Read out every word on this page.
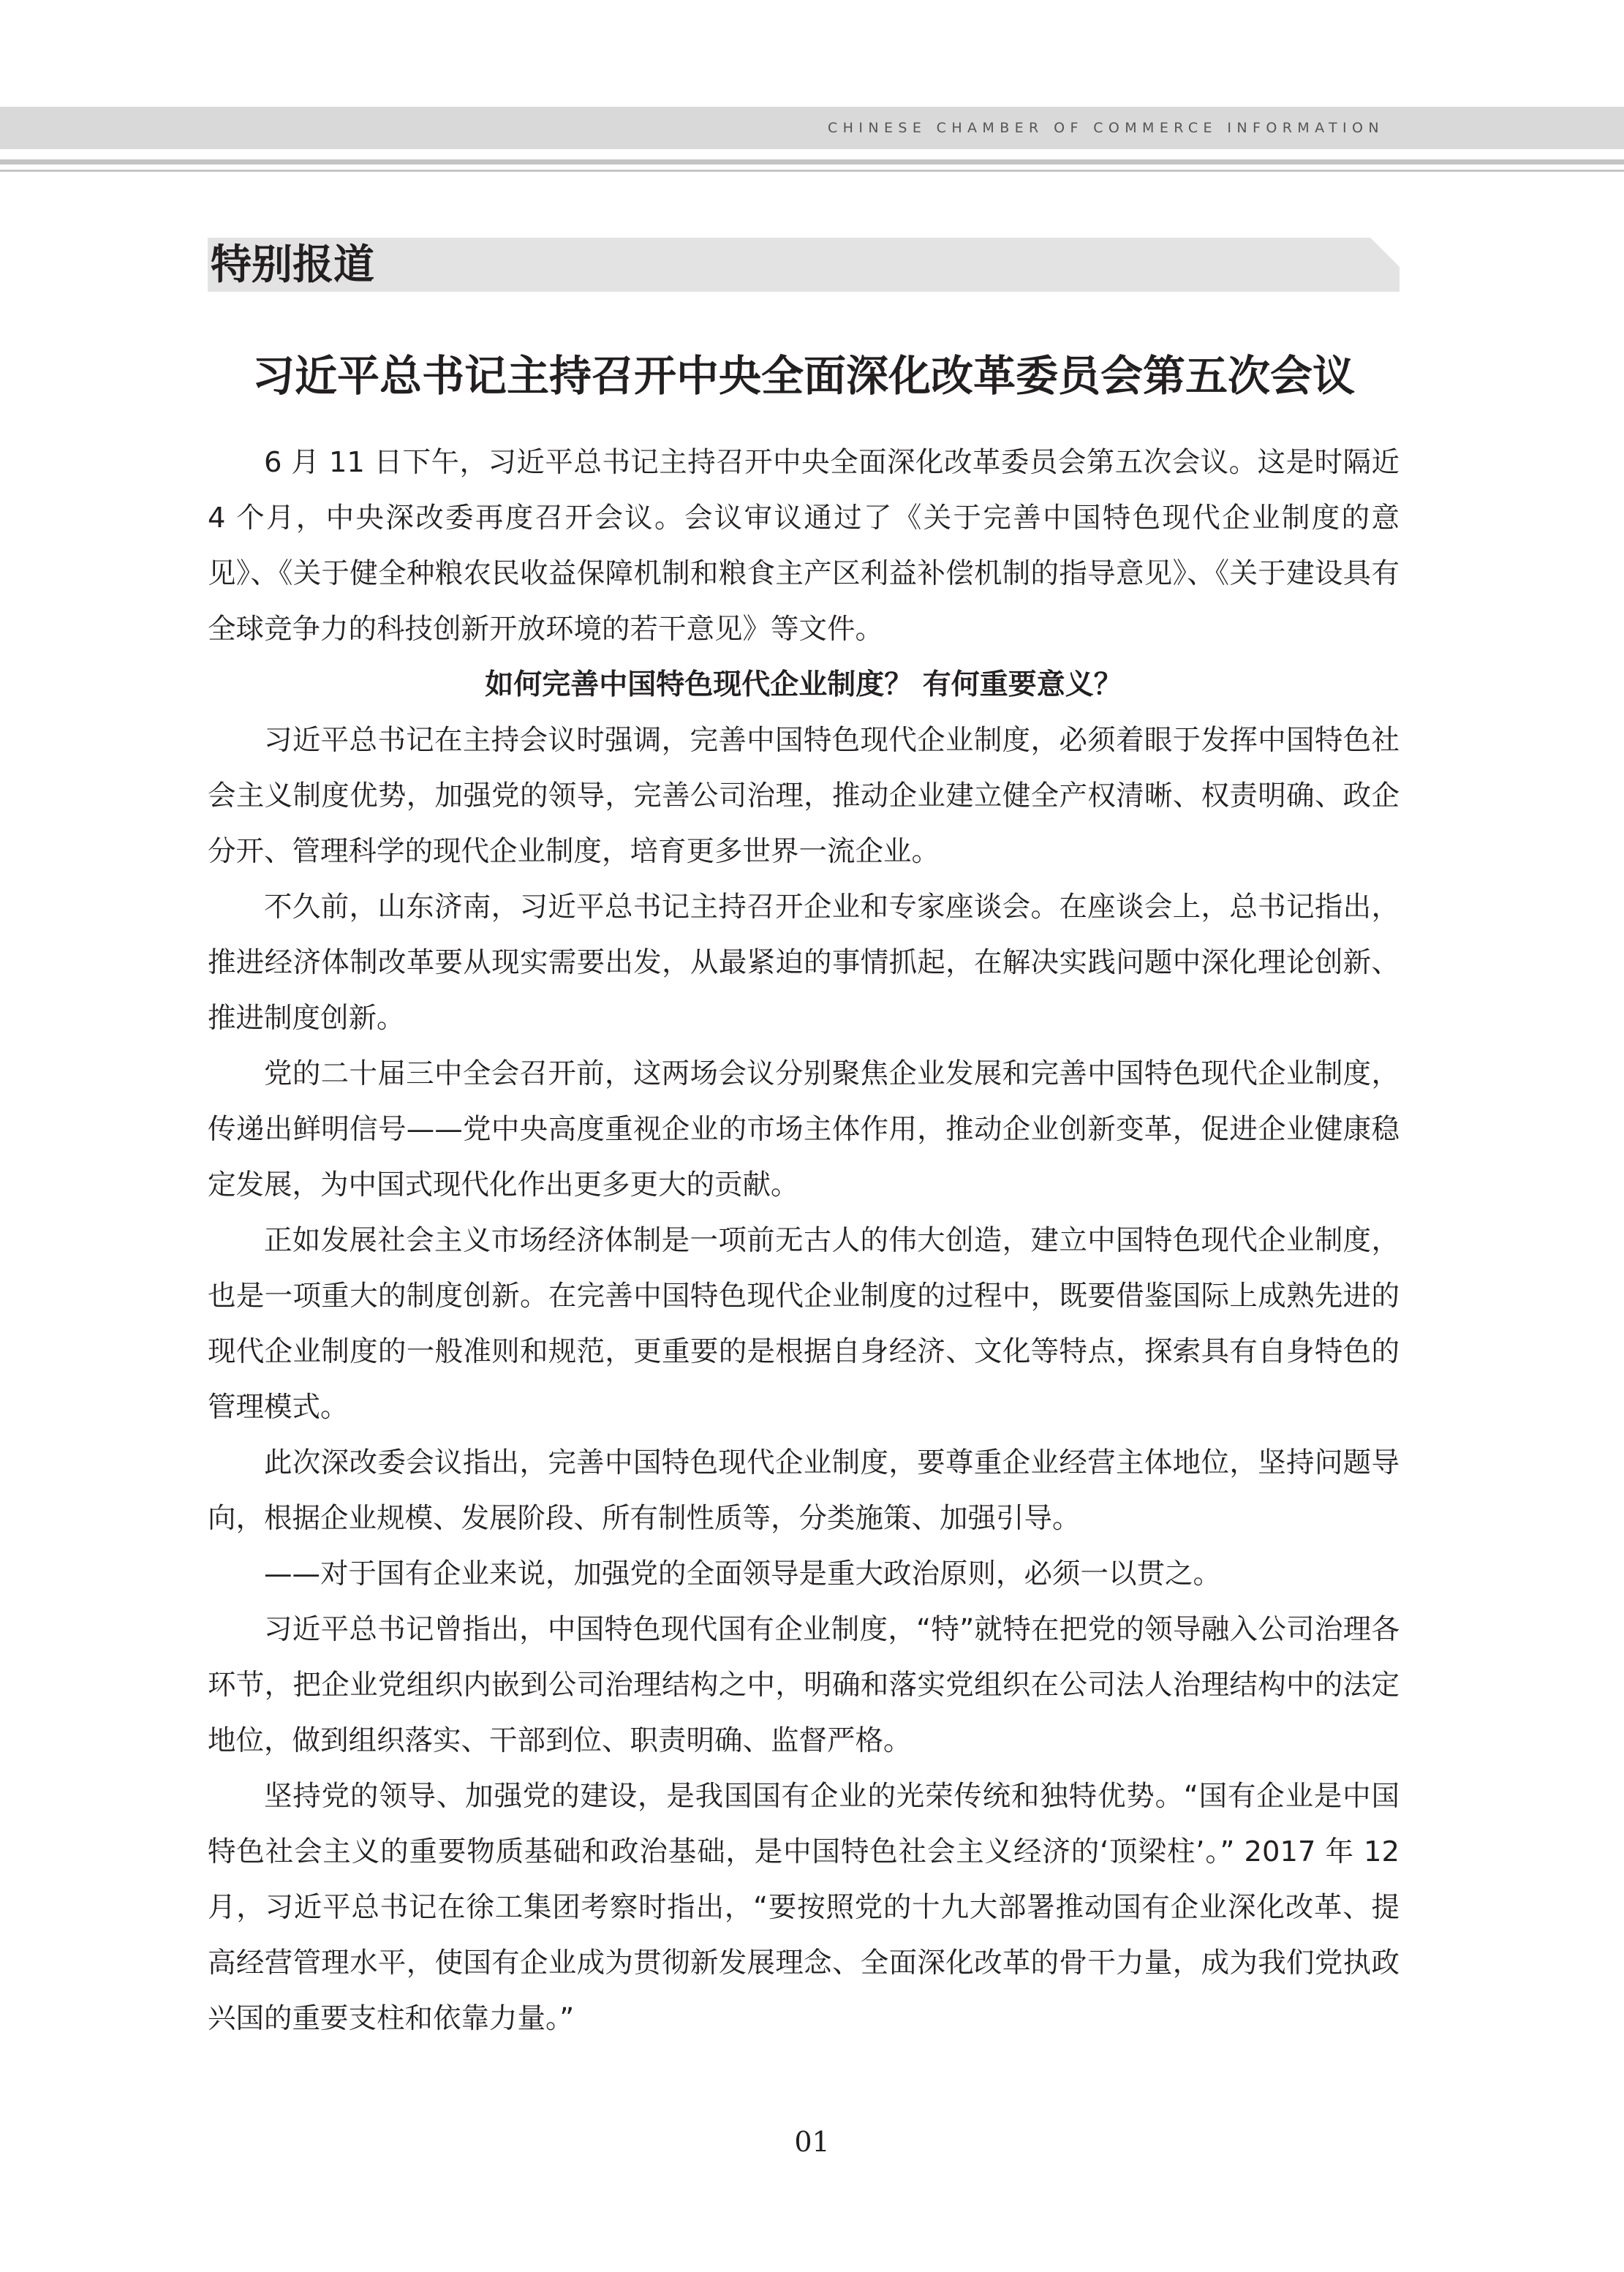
CHINESE CHAMBER OF COMMERCE INFORMATION
特别报道
习近平总书记主持召开中央全面深化改革委员会第五次会议

6 月 11 日下午，习近平总书记主持召开中央全面深化改革委员会第五次会议。这是时隔近 4 个月，中央深改委再度召开会议。会议审议通过了《关于完善中国特色现代企业制度的意见》、《关于健全种粮农民收益保障机制和粮食主产区利益补偿机制的指导意见》、《关于建设具有全球竞争力的科技创新开放环境的若干意见》等文件。

如何完善中国特色现代企业制度？ 有何重要意义？

习近平总书记在主持会议时强调，完善中国特色现代企业制度，必须着眼于发挥中国特色社会主义制度优势，加强党的领导，完善公司治理，推动企业建立健全产权清晰、权责明确、政企分开、管理科学的现代企业制度，培育更多世界一流企业。

不久前，山东济南，习近平总书记主持召开企业和专家座谈会。在座谈会上，总书记指出，推进经济体制改革要从现实需要出发，从最紧迫的事情抓起，在解决实践问题中深化理论创新、推进制度创新。

党的二十届三中全会召开前，这两场会议分别聚焦企业发展和完善中国特色现代企业制度，传递出鲜明信号——党中央高度重视企业的市场主体作用，推动企业创新变革，促进企业健康稳定发展，为中国式现代化作出更多更大的贡献。

正如发展社会主义市场经济体制是一项前无古人的伟大创造，建立中国特色现代企业制度，也是一项重大的制度创新。在完善中国特色现代企业制度的过程中，既要借鉴国际上成熟先进的现代企业制度的一般准则和规范，更重要的是根据自身经济、文化等特点，探索具有自身特色的管理模式。

此次深改委会议指出，完善中国特色现代企业制度，要尊重企业经营主体地位，坚持问题导向，根据企业规模、发展阶段、所有制性质等，分类施策、加强引导。

——对于国有企业来说，加强党的全面领导是重大政治原则，必须一以贯之。

习近平总书记曾指出，中国特色现代国有企业制度，“特”就特在把党的领导融入公司治理各环节，把企业党组织内嵌到公司治理结构之中，明确和落实党组织在公司法人治理结构中的法定地位，做到组织落实、干部到位、职责明确、监督严格。

坚持党的领导、加强党的建设，是我国国有企业的光荣传统和独特优势。“国有企业是中国特色社会主义的重要物质基础和政治基础，是中国特色社会主义经济的‘顶梁柱’。” 2017 年 12 月，习近平总书记在徐工集团考察时指出，“要按照党的十九大部署推动国有企业深化改革、提高经营管理水平，使国有企业成为贯彻新发展理念、全面深化改革的骨干力量，成为我们党执政兴国的重要支柱和依靠力量。”

01
